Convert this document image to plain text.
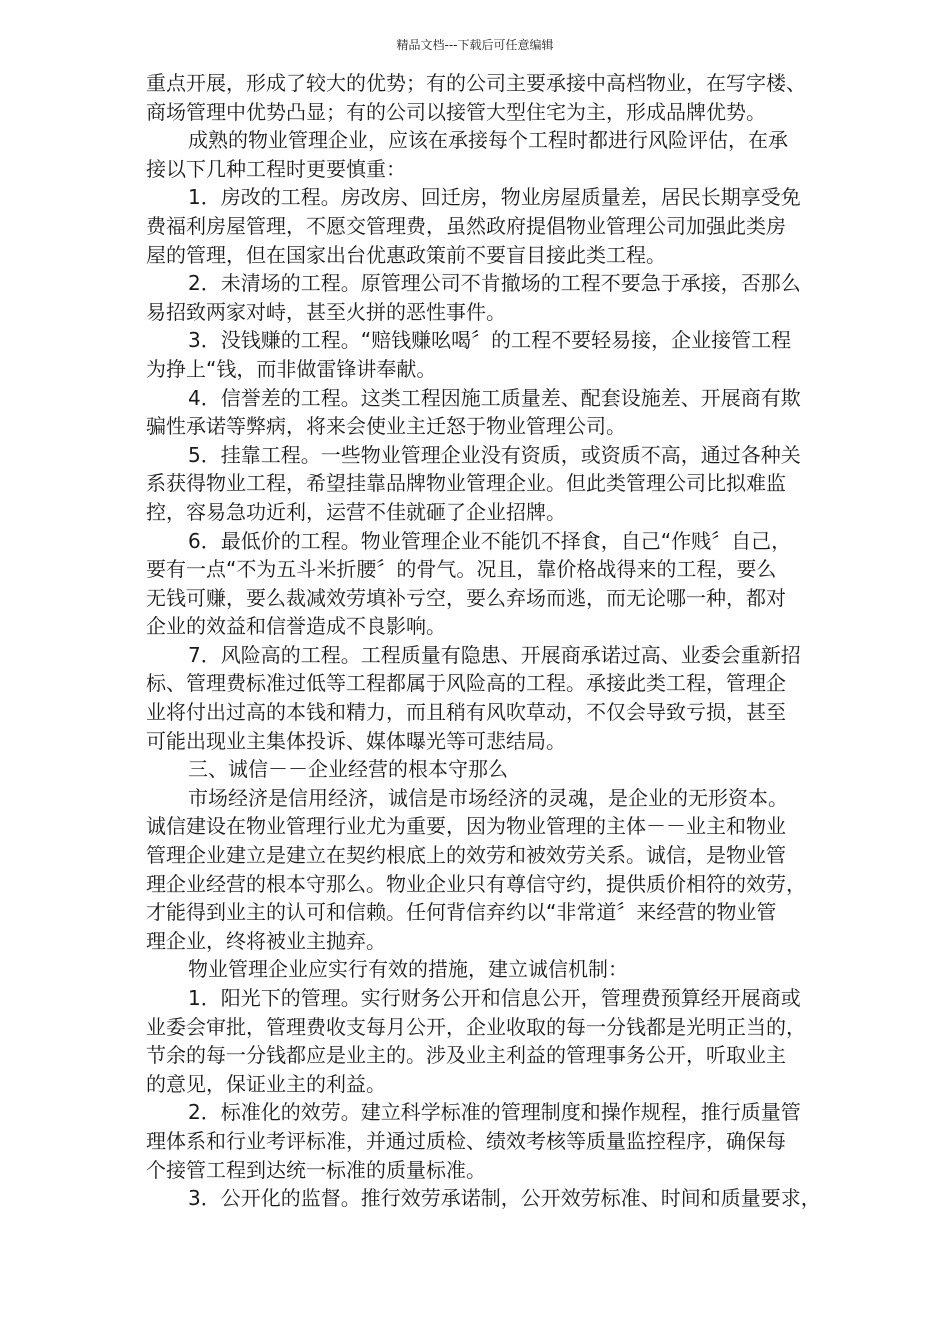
精品文档---下载后可任意编辑
重点开展，形成了较大的优势；有的公司主要承接中高档物业，在写字楼、
商场管理中优势凸显；有的公司以接管大型住宅为主，形成品牌优势。
成熟的物业管理企业，应该在承接每个工程时都进行风险评估，在承
接以下几种工程时更要慎重：
1．房改的工程。房改房、回迁房，物业房屋质量差，居民长期享受免
费福利房屋管理，不愿交管理费，虽然政府提倡物业管理公司加强此类房
屋的管理，但在国家出台优惠政策前不要盲目接此类工程。
2．未清场的工程。原管理公司不肯撤场的工程不要急于承接，否那么
易招致两家对峙，甚至火拼的恶性事件。
3．没钱赚的工程。“赔钱赚吆喝〞的工程不要轻易接，企业接管工程
为挣上“钱，而非做雷锋讲奉献。
4．信誉差的工程。这类工程因施工质量差、配套设施差、开展商有欺
骗性承诺等弊病，将来会使业主迁怒于物业管理公司。
5．挂靠工程。一些物业管理企业没有资质，或资质不高，通过各种关
系获得物业工程，希望挂靠品牌物业管理企业。但此类管理公司比拟难监
控，容易急功近利，运营不佳就砸了企业招牌。
6．最低价的工程。物业管理企业不能饥不择食，自己“作贱〞自己，
要有一点“不为五斗米折腰〞的骨气。况且，靠价格战得来的工程，要么
无钱可赚，要么裁减效劳填补亏空，要么弃场而逃，而无论哪一种，都对
企业的效益和信誉造成不良影响。
7．风险高的工程。工程质量有隐患、开展商承诺过高、业委会重新招
标、管理费标准过低等工程都属于风险高的工程。承接此类工程，管理企
业将付出过高的本钱和精力，而且稍有风吹草动，不仅会导致亏损，甚至
可能出现业主集体投诉、媒体曝光等可悲结局。
三、诚信－－企业经营的根本守那么
市场经济是信用经济，诚信是市场经济的灵魂，是企业的无形资本。
诚信建设在物业管理行业尤为重要，因为物业管理的主体－－业主和物业
管理企业建立是建立在契约根底上的效劳和被效劳关系。诚信，是物业管
理企业经营的根本守那么。物业企业只有尊信守约，提供质价相符的效劳，
才能得到业主的认可和信赖。任何背信弃约以“非常道〞来经营的物业管
理企业，终将被业主抛弃。
物业管理企业应实行有效的措施，建立诚信机制：
1．阳光下的管理。实行财务公开和信息公开，管理费预算经开展商或
业委会审批，管理费收支每月公开，企业收取的每一分钱都是光明正当的，
节余的每一分钱都应是业主的。涉及业主利益的管理事务公开，听取业主
的意见，保证业主的利益。
2．标准化的效劳。建立科学标准的管理制度和操作规程，推行质量管
理体系和行业考评标准，并通过质检、绩效考核等质量监控程序，确保每
个接管工程到达统一标准的质量标准。
3．公开化的监督。推行效劳承诺制，公开效劳标准、时间和质量要求，
